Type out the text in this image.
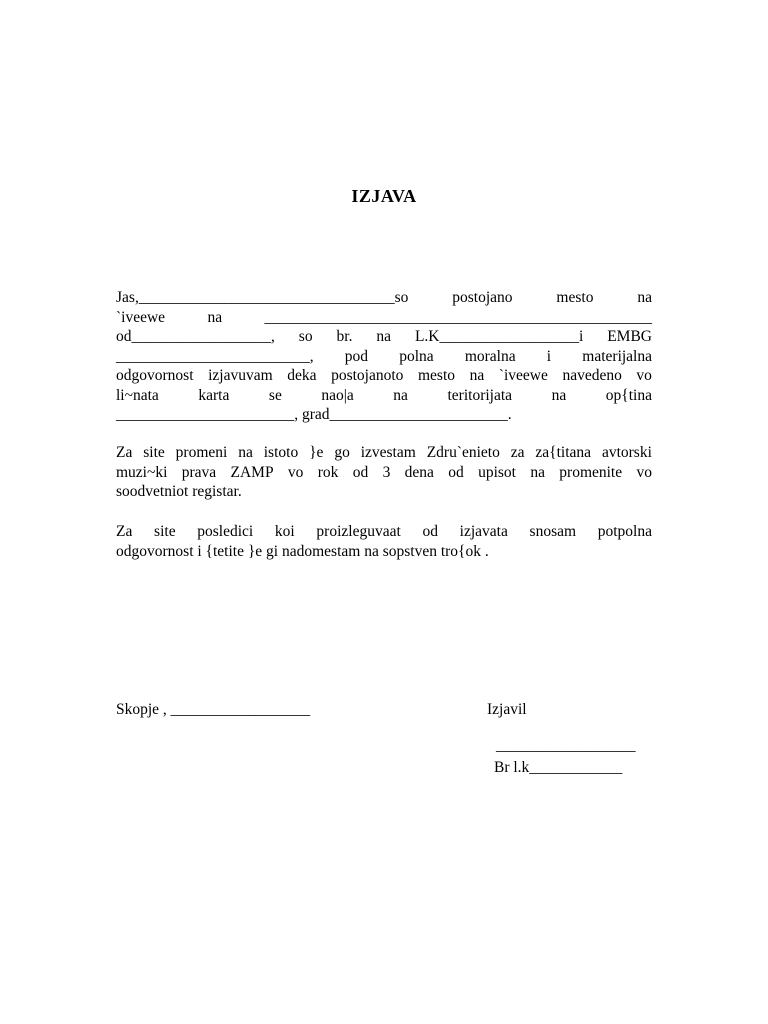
IZJAVA
Jas,_________________________________so	postojano	mesto	na
`iveewe	na	__________________________________________________
od__________________, so br. na L.K__________________i EMBG
_________________________, pod polna moralna i materijalna
odgovornost izjavuvam deka postojanoto mesto na `iveewe navedeno vo
li~nata	karta	se	nao|a	na	teritorijata	na	op{tina
_______________________, grad_______________________.
Za site promeni na istoto }e go izvestam Zdru`enieto za za{titana avtorski
muzi~ki prava ZAMP vo rok od 3 dena od upisot na promenite vo
soodvetniot registar.
Za site posledici koi proizleguvaat od izjavata snosam potpolna
odgovornost i {tetite }e gi nadomestam na sopstven tro{ok .
Skopje , __________________	Izjavil
__________________
Br l.k____________
